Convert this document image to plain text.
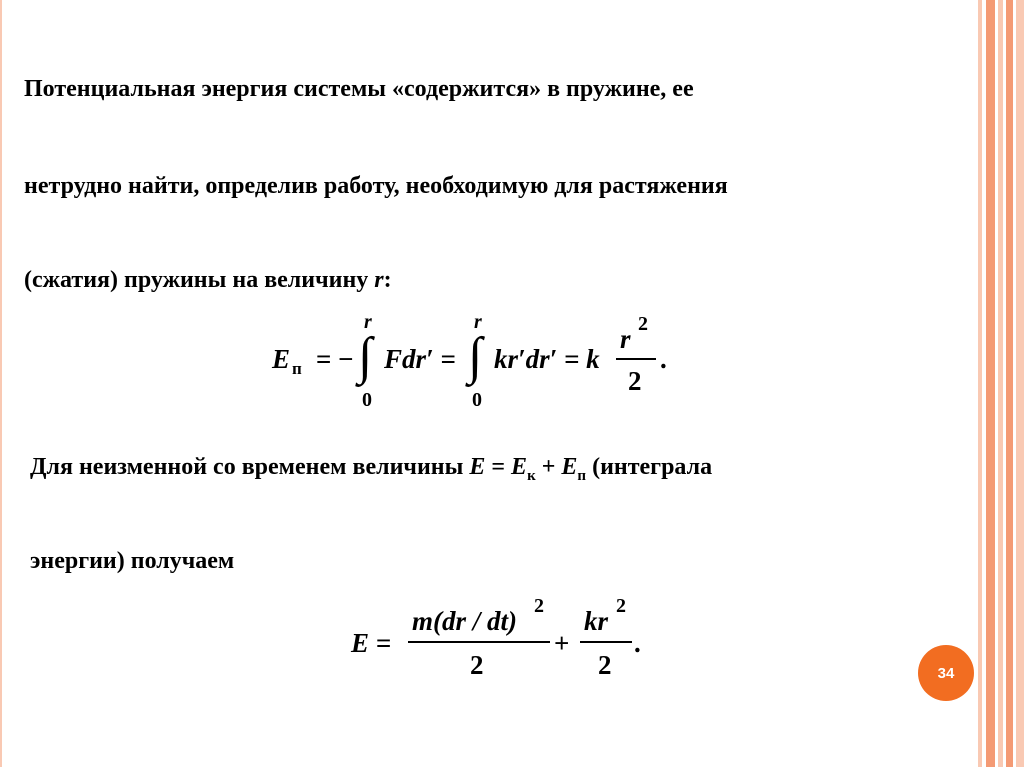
Потенциальная энергия системы «содержится» в пружине, ее

нетрудно найти, определив работу, необходимую для растяжения

(сжатия) пружины на величину r:

E п = −
r
∫
0
Fdr′ =
r
∫
0
kr′dr′ = k
r 2
2
.

Для неизменной со временем величины $E = E_к + E_п$ (интеграла

энергии) получаем

E =
m(dr / dt) 2
2
+
kr 2
2
.
34
